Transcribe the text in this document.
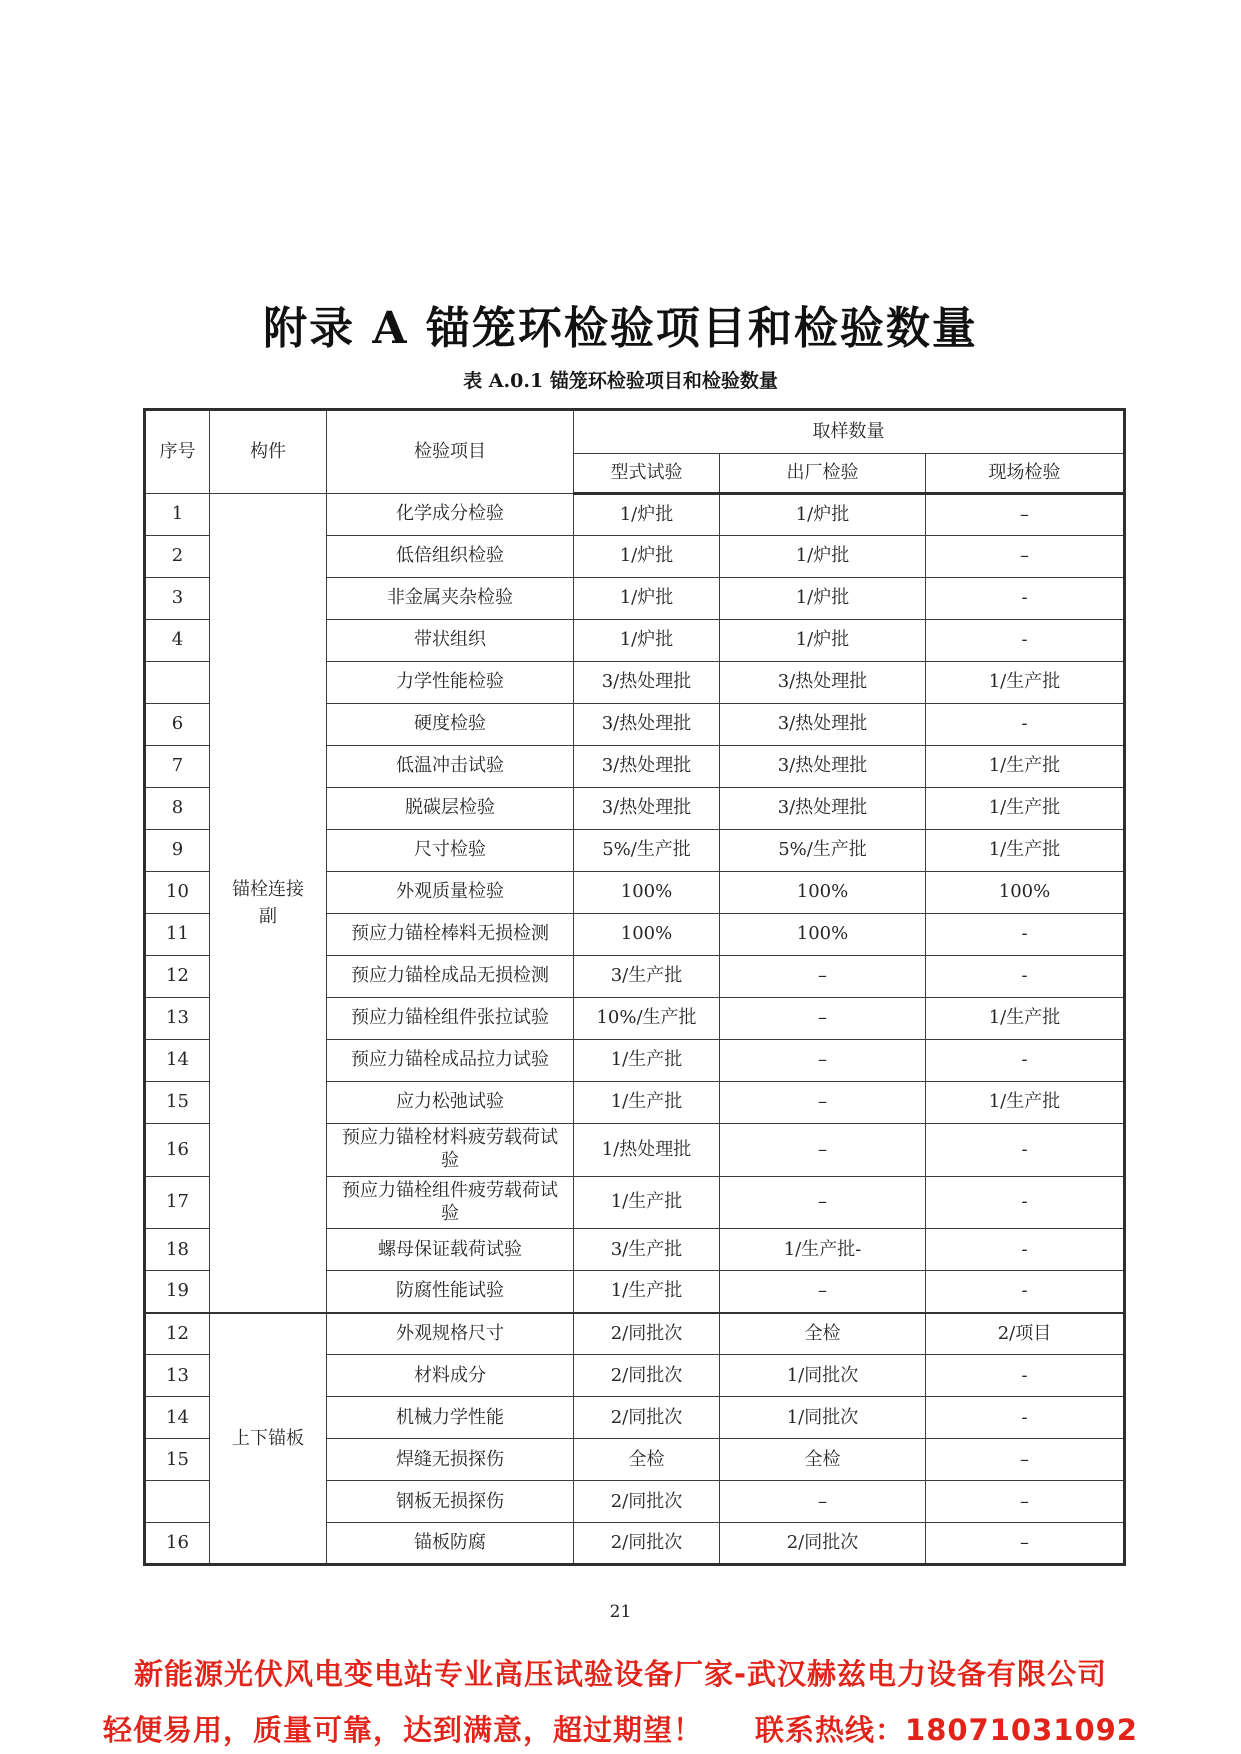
附录 A 锚笼环检验项目和检验数量
表 A.0.1 锚笼环检验项目和检验数量
序号	构件	检验项目	取样数量		
			型式试验	出厂检验	现场检验
1	锚栓连接副	化学成分检验	1/炉批	1/炉批	–
2		低倍组织检验	1/炉批	1/炉批	–
3		非金属夹杂检验	1/炉批	1/炉批	-
4		带状组织	1/炉批	1/炉批	-
		力学性能检验	3/热处理批	3/热处理批	1/生产批
6		硬度检验	3/热处理批	3/热处理批	-
7		低温冲击试验	3/热处理批	3/热处理批	1/生产批
8		脱碳层检验	3/热处理批	3/热处理批	1/生产批
9		尺寸检验	5%/生产批	5%/生产批	1/生产批
10		外观质量检验	100%	100%	100%
11		预应力锚栓棒料无损检测	100%	100%	-
12		预应力锚栓成品无损检测	3/生产批	–	-
13		预应力锚栓组件张拉试验	10%/生产批	–	1/生产批
14		预应力锚栓成品拉力试验	1/生产批	–	-
15		应力松弛试验	1/生产批	–	1/生产批
16		预应力锚栓材料疲劳载荷试验	1/热处理批	–	-
17		预应力锚栓组件疲劳载荷试验	1/生产批	–	-
18		螺母保证载荷试验	3/生产批	1/生产批-	-
19		防腐性能试验	1/生产批	–	-
12	上下锚板	外观规格尺寸	2/同批次	全检	2/项目
13		材料成分	2/同批次	1/同批次	-
14		机械力学性能	2/同批次	1/同批次	-
15		焊缝无损探伤	全检	全检	–
		钢板无损探伤	2/同批次	–	–
16		锚板防腐	2/同批次	2/同批次	–
21
新能源光伏风电变电站专业高压试验设备厂家-武汉赫兹电力设备有限公司
轻便易用，质量可靠，达到满意，超过期望！ 联系热线：18071031092
